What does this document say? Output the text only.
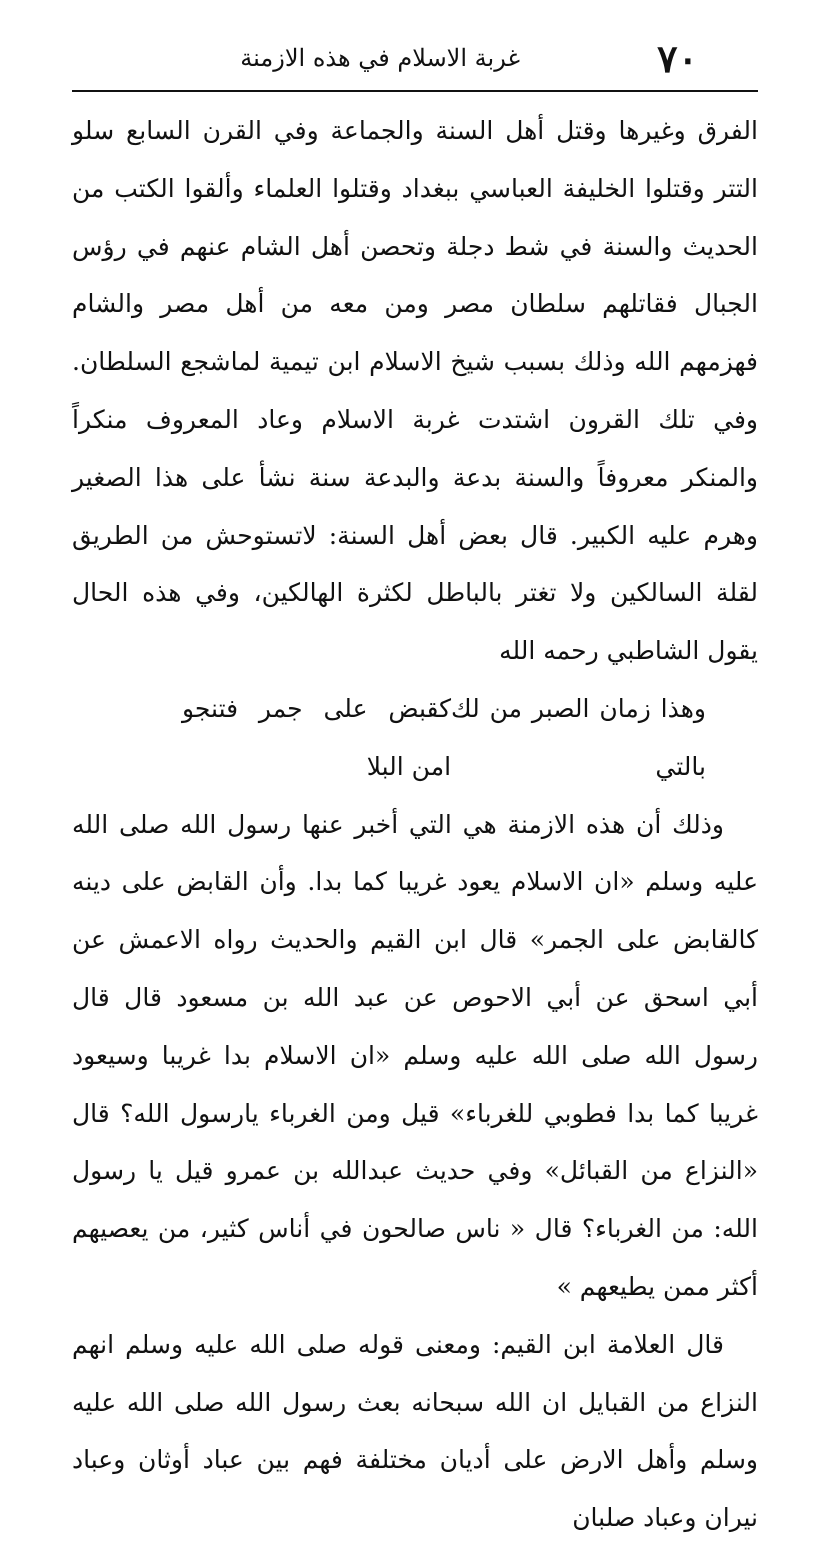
٧٠
غربة الاسلام في هذه الازمنة

الفرق وغيرها وقتل أهل السنة والجماعة وفي القرن السابع سلو التتر وقتلوا الخليفة العباسي ببغداد وقتلوا العلماء وألقوا الكتب من الحديث والسنة في شط دجلة وتحصن أهل الشام عنهم في رؤس الجبال فقاتلهم سلطان مصر ومن معه من أهل مصر والشام فهزمهم الله وذلك بسبب شيخ الاسلام ابن تيمية لماشجع السلطان. وفي تلك القرون اشتدت غربة الاسلام وعاد المعروف منكراً والمنكر معروفاً والسنة بدعة والبدعة سنة نشأ على هذا الصغير وهرم عليه الكبير. قال بعض أهل السنة: لاتستوحش من الطريق لقلة السالكين ولا تغتر بالباطل لكثرة الهالكين، وفي هذه الحال يقول الشاطبي رحمه الله

وهذا زمان الصبر من لك بالتي
كقبض على جمر فتنجو امن البلا

وذلك أن هذه الازمنة هي التي أخبر عنها رسول الله صلى الله عليه وسلم «ان الاسلام يعود غريبا كما بدا. وأن القابض على دينه كالقابض على الجمر» قال ابن القيم والحديث رواه الاعمش عن أبي اسحق عن أبي الاحوص عن عبد الله بن مسعود قال قال رسول الله صلى الله عليه وسلم «ان الاسلام بدا غريبا وسيعود غريبا كما بدا فطوبي للغرباء» قيل ومن الغرباء يارسول الله؟ قال «النزاع من القبائل» وفي حديث عبدالله بن عمرو قيل يا رسول الله: من الغرباء؟ قال « ناس صالحون في أناس كثير، من يعصيهم أكثر ممن يطيعهم »

قال العلامة ابن القيم: ومعنى قوله صلى الله عليه وسلم انهم النزاع من القبايل ان الله سبحانه بعث رسول الله صلى الله عليه وسلم وأهل الارض على أديان مختلفة فهم بين عباد أوثان وعباد نيران وعباد صلبان
